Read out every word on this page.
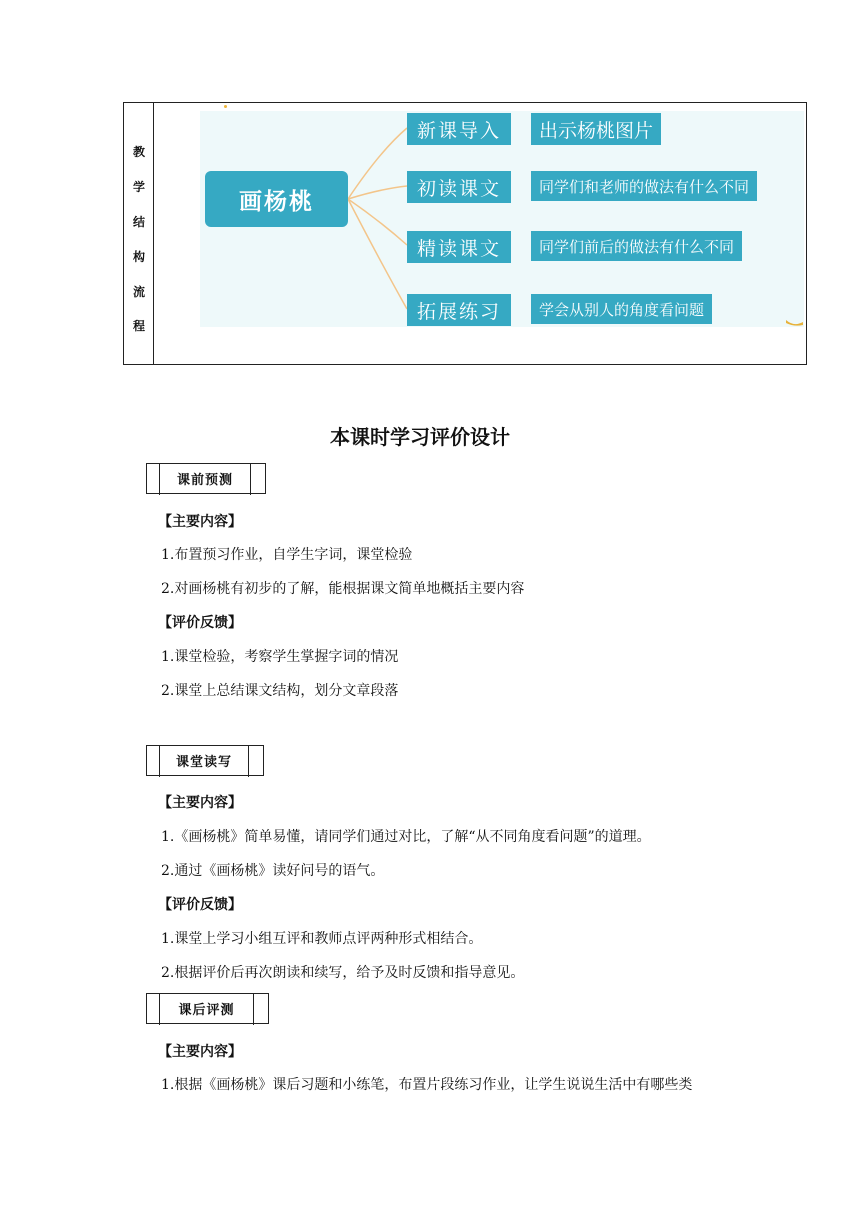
教
学
结
构
流
程
画杨桃
新课导入	出示杨桃图片
初读课文	同学们和老师的做法有什么不同
精读课文	同学们前后的做法有什么不同
拓展练习	学会从别人的角度看问题
本课时学习评价设计
课前预测
【主要内容】
1.布置预习作业，自学生字词，课堂检验
2.对画杨桃有初步的了解，能根据课文简单地概括主要内容
【评价反馈】
1.课堂检验，考察学生掌握字词的情况
2.课堂上总结课文结构，划分文章段落
课堂读写
【主要内容】
1.《画杨桃》简单易懂，请同学们通过对比，了解“从不同角度看问题”的道理。
2.通过《画杨桃》读好问号的语气。
【评价反馈】
1.课堂上学习小组互评和教师点评两种形式相结合。
2.根据评价后再次朗读和续写，给予及时反馈和指导意见。
课后评测
【主要内容】
1.根据《画杨桃》课后习题和小练笔，布置片段练习作业，让学生说说生活中有哪些类
